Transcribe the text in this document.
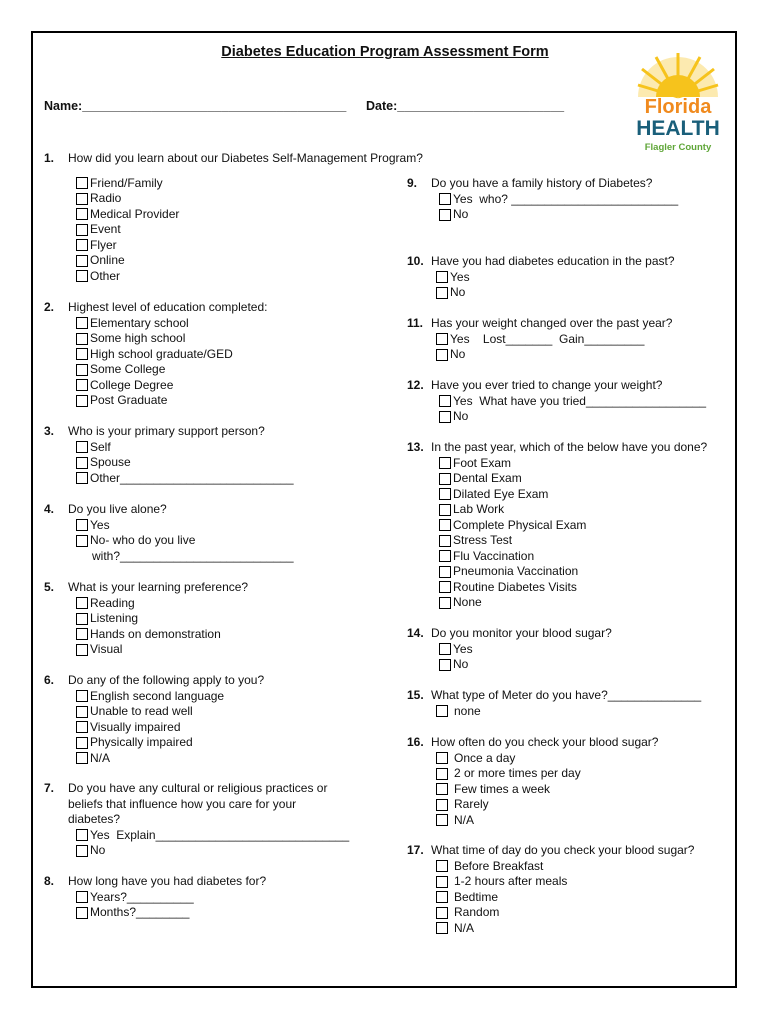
Diabetes Education Program Assessment Form
Name:______________________________________ Date:________________________	Florida
HEALTH
Flagler County
1.	How did you learn about our Diabetes Self-Management Program?
Friend/Family
Radio
Medical Provider
Event
Flyer
Online
Other
2.	Highest level of education completed:
Elementary school
Some high school
High school graduate/GED
Some College
College Degree
Post Graduate
3.	Who is your primary support person?
Self
Spouse
Other__________________________
4.	Do you live alone?
Yes
No- who do you live
with?__________________________
5.	What is your learning preference?
Reading
Listening
Hands on demonstration
Visual
6.	Do any of the following apply to you?
English second language
Unable to read well
Visually impaired
Physically impaired
N/A
7.	Do you have any cultural or religious practices or
beliefs that influence how you care for your
diabetes?
Yes  Explain_____________________________
No
8.	How long have you had diabetes for?
Years?__________
Months?________
9.	Do you have a family history of Diabetes?
Yes  who? _________________________
No
10. Have you had diabetes education in the past?
Yes
No
11. Has your weight changed over the past year?
Yes    Lost_______  Gain_________
No
12. Have you ever tried to change your weight?
Yes  What have you tried__________________
No
13. In the past year, which of the below have you done?
Foot Exam
Dental Exam
Dilated Eye Exam
Lab Work
Complete Physical Exam
Stress Test
Flu Vaccination
Pneumonia Vaccination
Routine Diabetes Visits
None
14. Do you monitor your blood sugar?
Yes
No
15. What type of Meter do you have?______________
none
16. How often do you check your blood sugar?
Once a day
2 or more times per day
Few times a week
Rarely
N/A
17. What time of day do you check your blood sugar?
Before Breakfast
1-2 hours after meals
Bedtime
Random
N/A
